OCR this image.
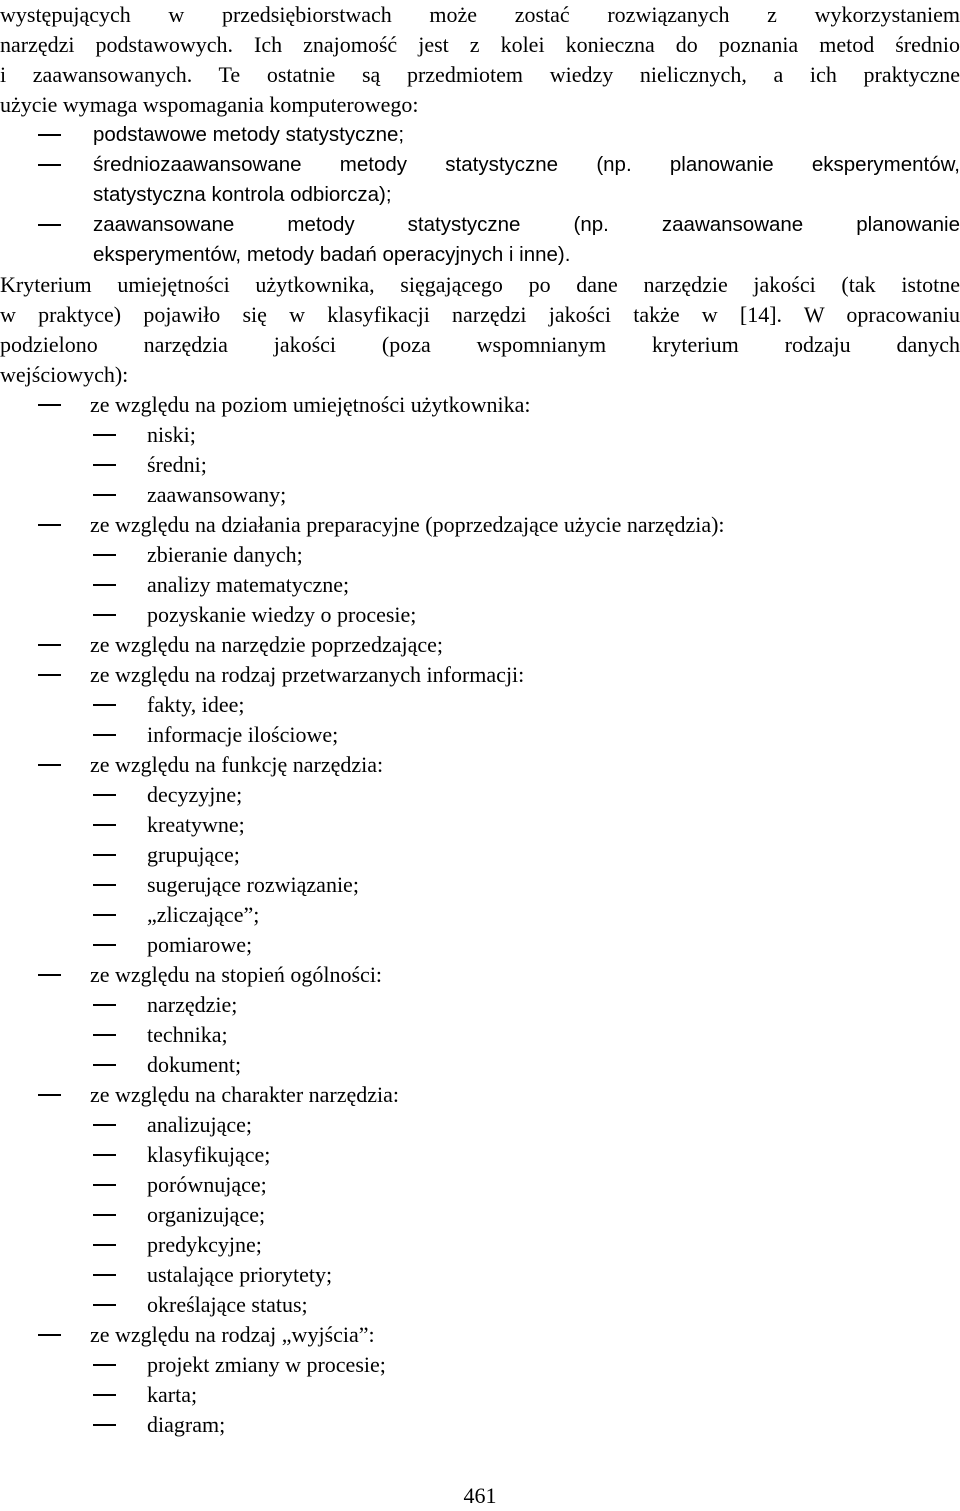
występujących w przedsiębiorstwach może zostać rozwiązanych z wykorzystaniem
narzędzi podstawowych. Ich znajomość jest z kolei konieczna do poznania metod średnio
i zaawansowanych. Te ostatnie są przedmiotem wiedzy nielicznych, a ich praktyczne
użycie wymaga wspomagania komputerowego:
podstawowe metody statystyczne;
średniozaawansowane metody statystyczne (np. planowanie eksperymentów,
statystyczna kontrola odbiorcza);
zaawansowane metody statystyczne (np. zaawansowane planowanie
eksperymentów, metody badań operacyjnych i inne).
Kryterium umiejętności użytkownika, sięgającego po dane narzędzie jakości (tak istotne
w praktyce) pojawiło się w klasyfikacji narzędzi jakości także w [14]. W opracowaniu
podzielono narzędzia jakości (poza wspomnianym kryterium rodzaju danych
wejściowych):
ze względu na poziom umiejętności użytkownika:
niski;
średni;
zaawansowany;
ze względu na działania preparacyjne (poprzedzające użycie narzędzia):
zbieranie danych;
analizy matematyczne;
pozyskanie wiedzy o procesie;
ze względu na narzędzie poprzedzające;
ze względu na rodzaj przetwarzanych informacji:
fakty, idee;
informacje ilościowe;
ze względu na funkcję narzędzia:
decyzyjne;
kreatywne;
grupujące;
sugerujące rozwiązanie;
„zliczające”;
pomiarowe;
ze względu na stopień ogólności:
narzędzie;
technika;
dokument;
ze względu na charakter narzędzia:
analizujące;
klasyfikujące;
porównujące;
organizujące;
predykcyjne;
ustalające priorytety;
określające status;
ze względu na rodzaj „wyjścia”:
projekt zmiany w procesie;
karta;
diagram;
461
